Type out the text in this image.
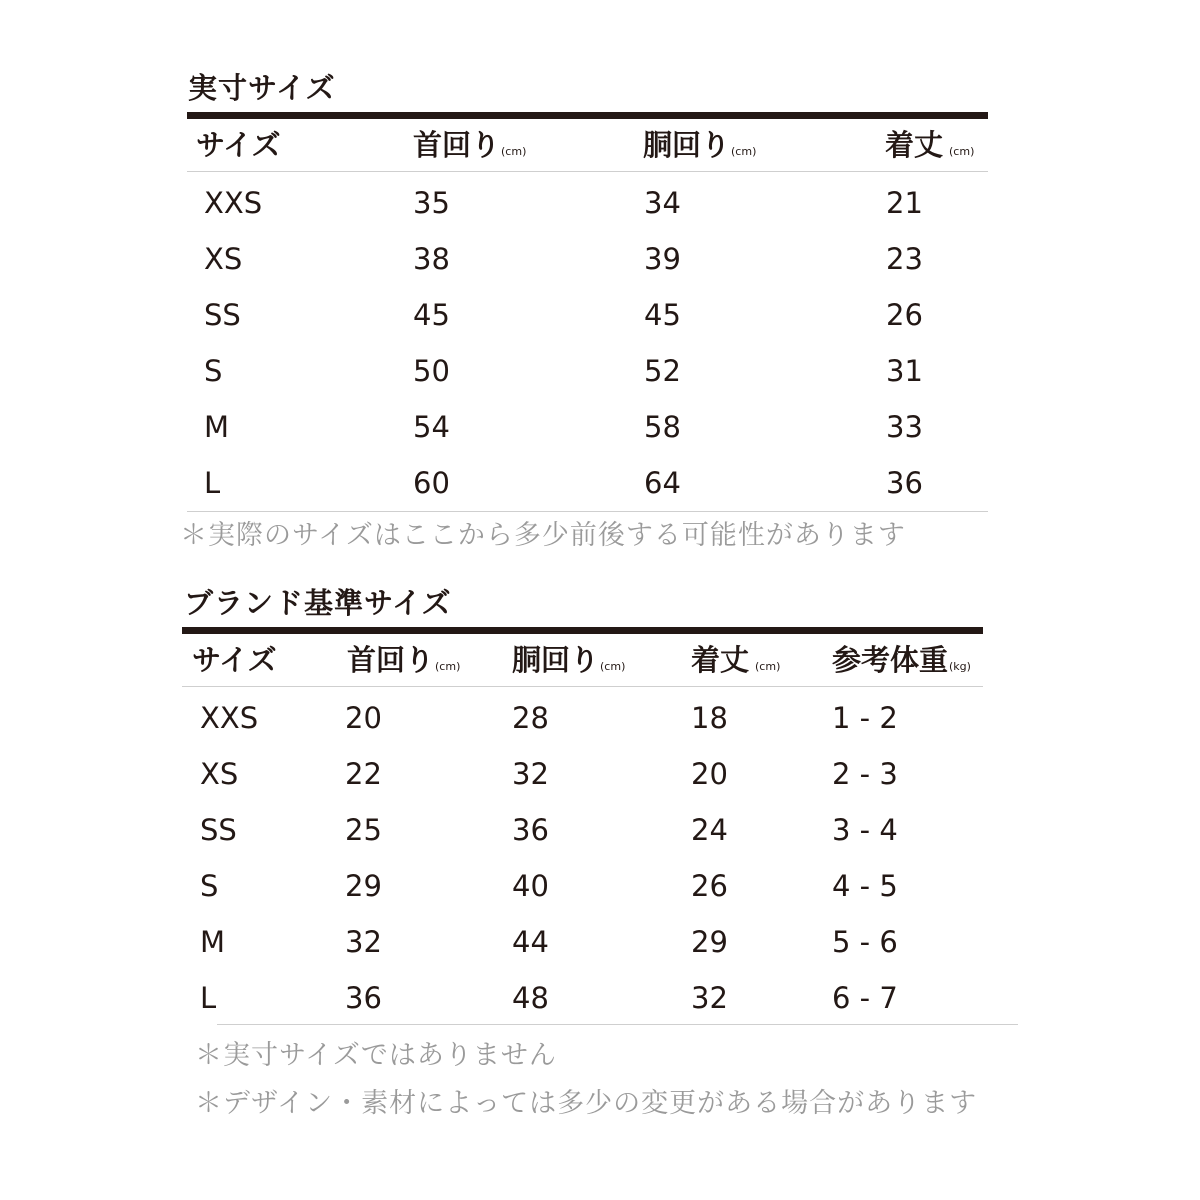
実寸サイズ
サイズ	首回り(cm)	胴回り(cm)	着丈 (cm)
XXS	35	34	21
XS	38	39	23
SS	45	45	26
S	50	52	31
M	54	58	33
L	60	64	36
＊実際のサイズはここから多少前後する可能性があります
ブランド基準サイズ
サイズ 首回り(cm) 胴回り(cm) 着丈 (cm) 参考体重(kg)
XXS	20	28	18	1 - 2
XS	22	32	20	2 - 3
SS	25	36	24	3 - 4
S	29	40	26	4 - 5
M	32	44	29	5 - 6
L	36	48	32	6 - 7
＊実寸サイズではありません
＊デザイン・素材によっては多少の変更がある場合があります
